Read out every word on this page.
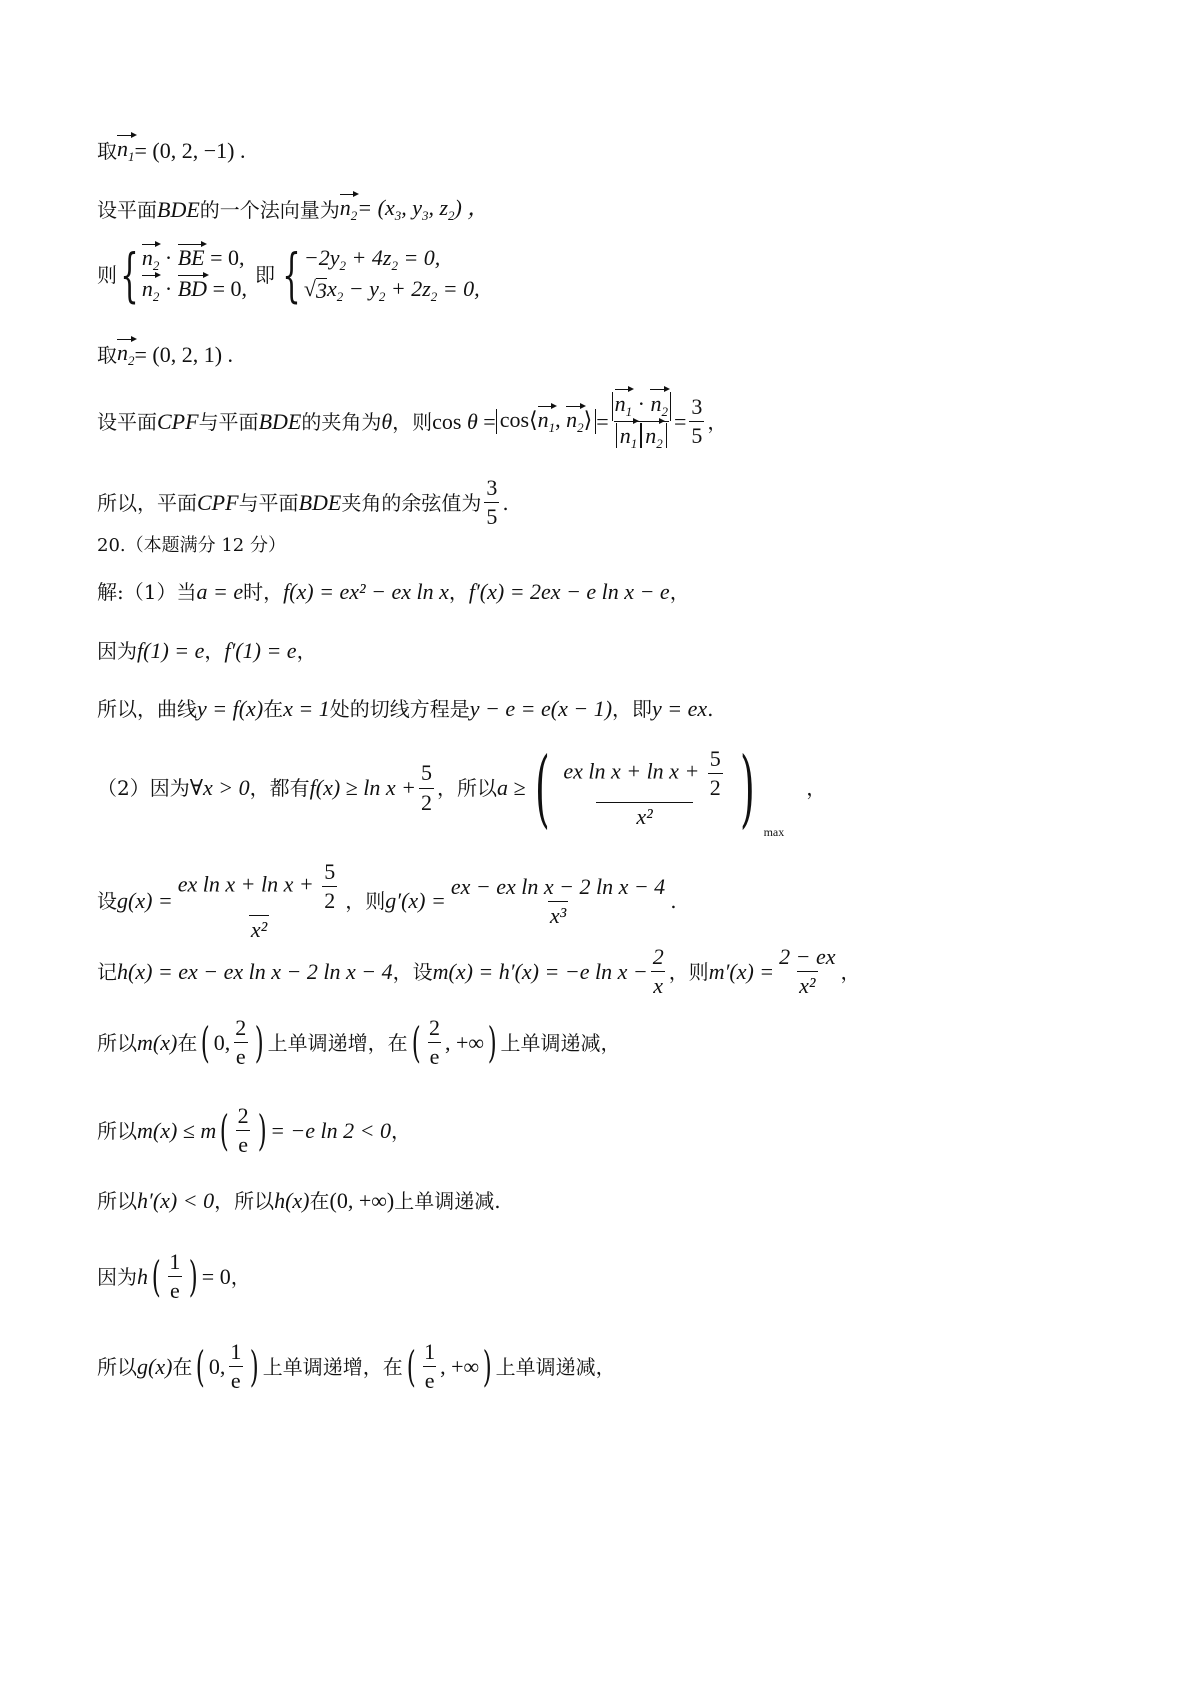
取 $n_1 = (0$, 2, −1) .
设平面 BDE 的一个法向量为 $n_2 = (x_3$, $y_3$, $z_2$) ，
则 { $n_2$ · BE = 0,
$n_2$ · BD = 0,
即 { $-2y_2 + 4z_2 = 0$,
√ 3 $x_2 - y_2 + 2z_2 = 0$,
取 $n_2 = (0$, 2, 1) .
设平面 CPF 与平面 BDE 的夹角为 θ ，则 $\cos \theta = \cos⟨n_1$, $n_2⟩ = \frac{n_1 \cdot n_2}{n_1 n_2} = \frac{3}{5}$ ，
所以，平面 CPF 与平面 BDE 夹角的余弦值为 $\frac{3}{5}$ .
20.（本题满分 12 分）
解:（1）当 a = e 时， f(x) = ex² − ex ln x ， f′(x) = 2ex − e ln x − e ，
因为 f(1) = e ， f′(1) = e ，
所以，曲线 y = f(x) 在 x = 1 处的切线方程是 y − e = e(x − 1) ，即 y = ex .
（2）因为 ∀x > 0 ，都有 $f(x) \ge \ln x + \frac{5}{2}$ ，所以 a ≥ ( $\frac{ex \ln x + \ln x + \frac{5}{2}}{\text{x²}}$ ) max
，
设 $g(x) = \frac{ex \ln x + \ln x + \frac{5}{2}}{\text{x²}}$ ，则 $g'(x) = \frac{\text{ex − ex ln x − 2 ln x − 4}}{\text{x³}}$ .
记 h(x) = ex − ex ln x − 2 ln x − 4 ，设 m(x) = h′(x) = −e $\ln x - \frac{2}{x}$ ，则 $m'(x) = \frac{2 - ex}{\text{x²}}$ ，
所以 m(x) 在 ( 0, $\frac{2}{e}$ ) 上单调递增，在 ( $\frac{2}{e}$ , +∞ ) 上单调递减，
所以 m(x) ≤ m ( $\frac{2}{e}$ ) = −e ln 2 < 0 ，
所以 h′(x) < 0 ，所以 h(x) 在 (0, +∞) 上单调递减.
因为 h ( $\frac{1}{e}$ ) = 0 ，
所以 g(x) 在 ( 0, $\frac{1}{e}$ ) 上单调递增，在 ( $\frac{1}{e}$ , +∞ ) 上单调递减，
